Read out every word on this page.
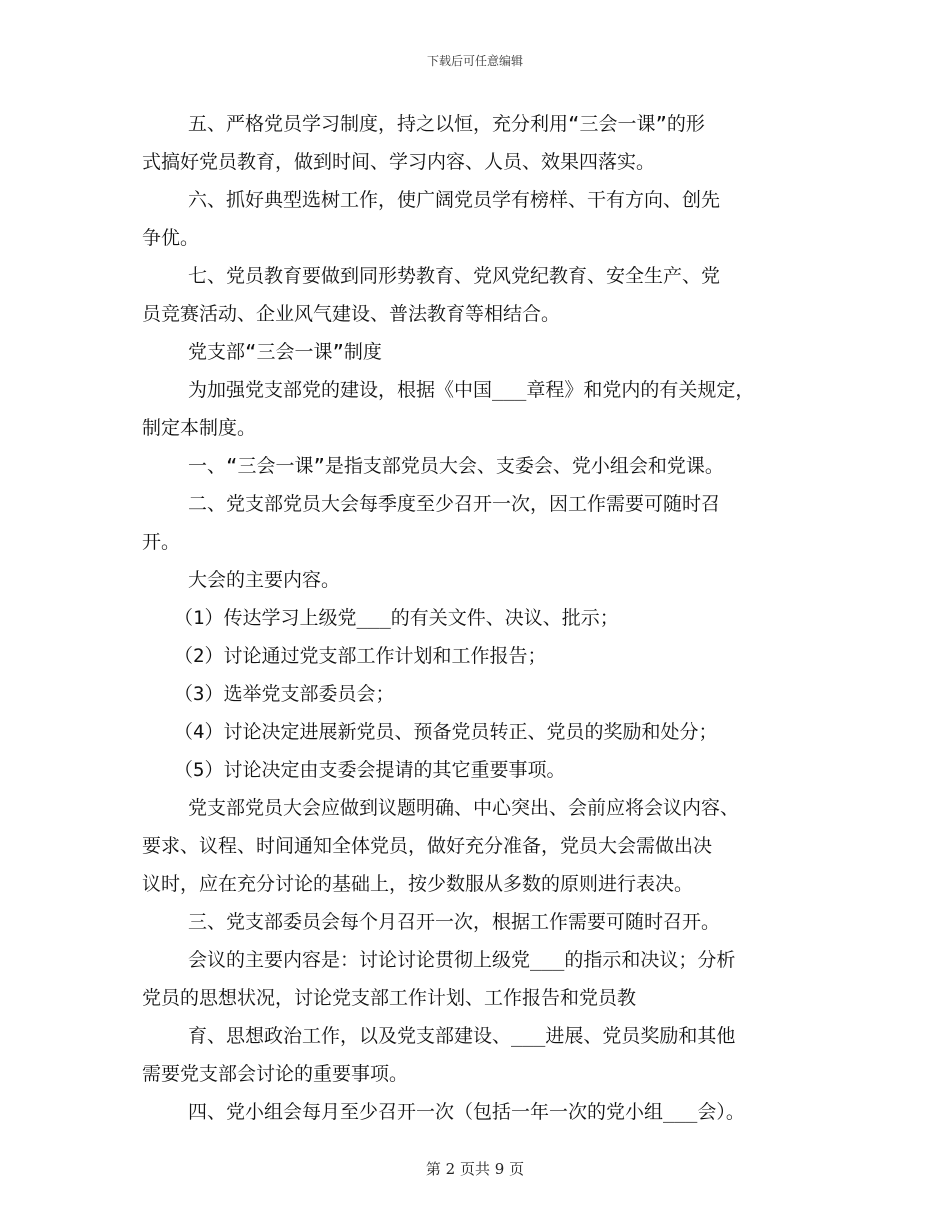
下载后可任意编辑
五、严格党员学习制度，持之以恒，充分利用“三会一课”的形
式搞好党员教育，做到时间、学习内容、人员、效果四落实。
六、抓好典型选树工作，使广阔党员学有榜样、干有方向、创先
争优。
七、党员教育要做到同形势教育、党风党纪教育、安全生产、党
员竞赛活动、企业风气建设、普法教育等相结合。
党支部“三会一课”制度
为加强党支部党的建设，根据《中国___章程》和党内的有关规定，
制定本制度。
一、“三会一课”是指支部党员大会、支委会、党小组会和党课。
二、党支部党员大会每季度至少召开一次，因工作需要可随时召
开。
大会的主要内容。
（1）传达学习上级党___的有关文件、决议、批示；
（2）讨论通过党支部工作计划和工作报告；
（3）选举党支部委员会；
（4）讨论决定进展新党员、预备党员转正、党员的奖励和处分；
（5）讨论决定由支委会提请的其它重要事项。
党支部党员大会应做到议题明确、中心突出、会前应将会议内容、
要求、议程、时间通知全体党员，做好充分准备，党员大会需做出决
议时，应在充分讨论的基础上，按少数服从多数的原则进行表决。
三、党支部委员会每个月召开一次，根据工作需要可随时召开。
会议的主要内容是：讨论讨论贯彻上级党___的指示和决议；分析
党员的思想状况，讨论党支部工作计划、工作报告和党员教
育、思想政治工作，以及党支部建设、___进展、党员奖励和其他
需要党支部会讨论的重要事项。
四、党小组会每月至少召开一次（包括一年一次的党小组___会）。
第 2 页共 9 页
